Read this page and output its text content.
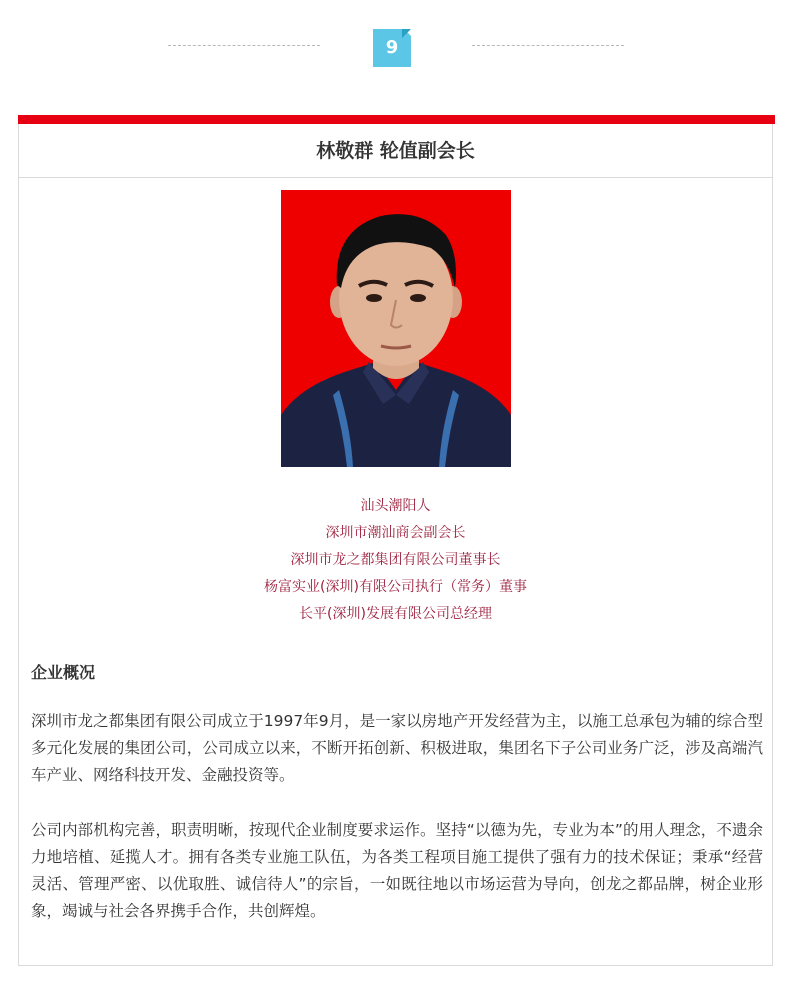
9
林敬群 轮值副会长
汕头潮阳人
深圳市潮汕商会副会长
深圳市龙之都集团有限公司董事长
杨富实业(深圳)有限公司执行（常务）董事
长平(深圳)发展有限公司总经理
企业概况

深圳市龙之都集团有限公司成立于1997年9月，是一家以房地产开发经营为主，以施工总承包为辅的综合型多元化发展的集团公司，公司成立以来，不断开拓创新、积极进取，集团名下子公司业务广泛，涉及高端汽车产业、网络科技开发、金融投资等。

公司内部机构完善，职责明晰，按现代企业制度要求运作。坚持“以德为先，专业为本”的用人理念，不遗余力地培植、延揽人才。拥有各类专业施工队伍，为各类工程项目施工提供了强有力的技术保证；秉承“经营灵活、管理严密、以优取胜、诚信待人”的宗旨，一如既往地以市场运营为导向，创龙之都品牌，树企业形象，竭诚与社会各界携手合作，共创辉煌。
